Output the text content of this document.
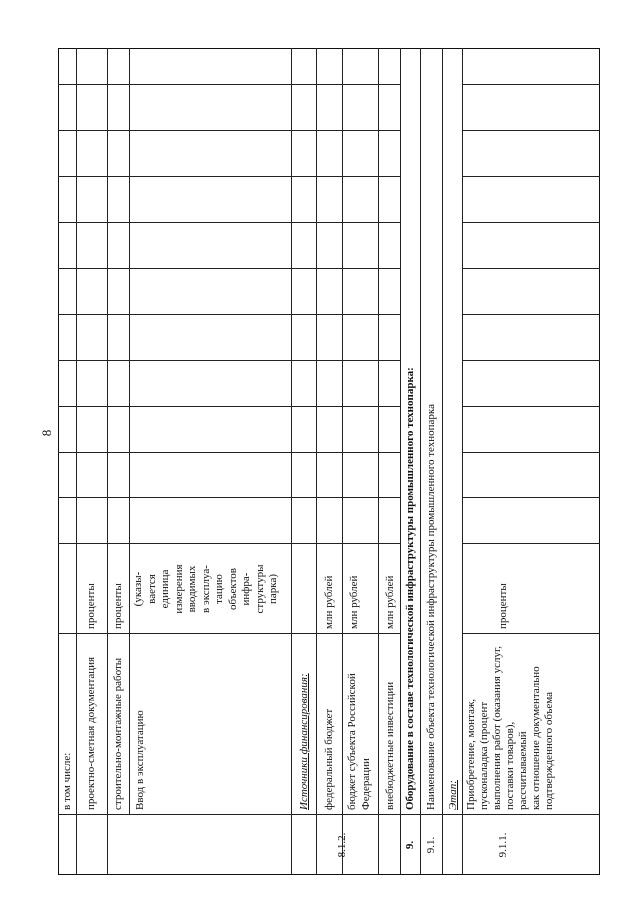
8
в том числе:	проектно-сметная документация
проценты
строительно-монтажные работы
проценты
Ввод в эксплуатацию
(указы-
вается
единица
измерения
вводимых
в эксплуа-
тацию
объектов
инфра-
структуры
парка)
Источники финансирования:	федеральный бюджет
млн рублей
8.1.2.
бюджет субъекта Российской Федерации
млн рублей
внебюджетные инвестиции
млн рублей
9.
Оборудование в составе технологической инфраструктуры промышленного технопарка:
9.1.
Наименование объекта технологической инфраструктуры промышленного технопарка Этап:
9.1.1.
Приобретение, монтаж,
пусконаладка (процент
выполнения работ (оказания услуг,
поставки товаров),
рассчитываемый
как отношение документально
подтвержденного объема
проценты
